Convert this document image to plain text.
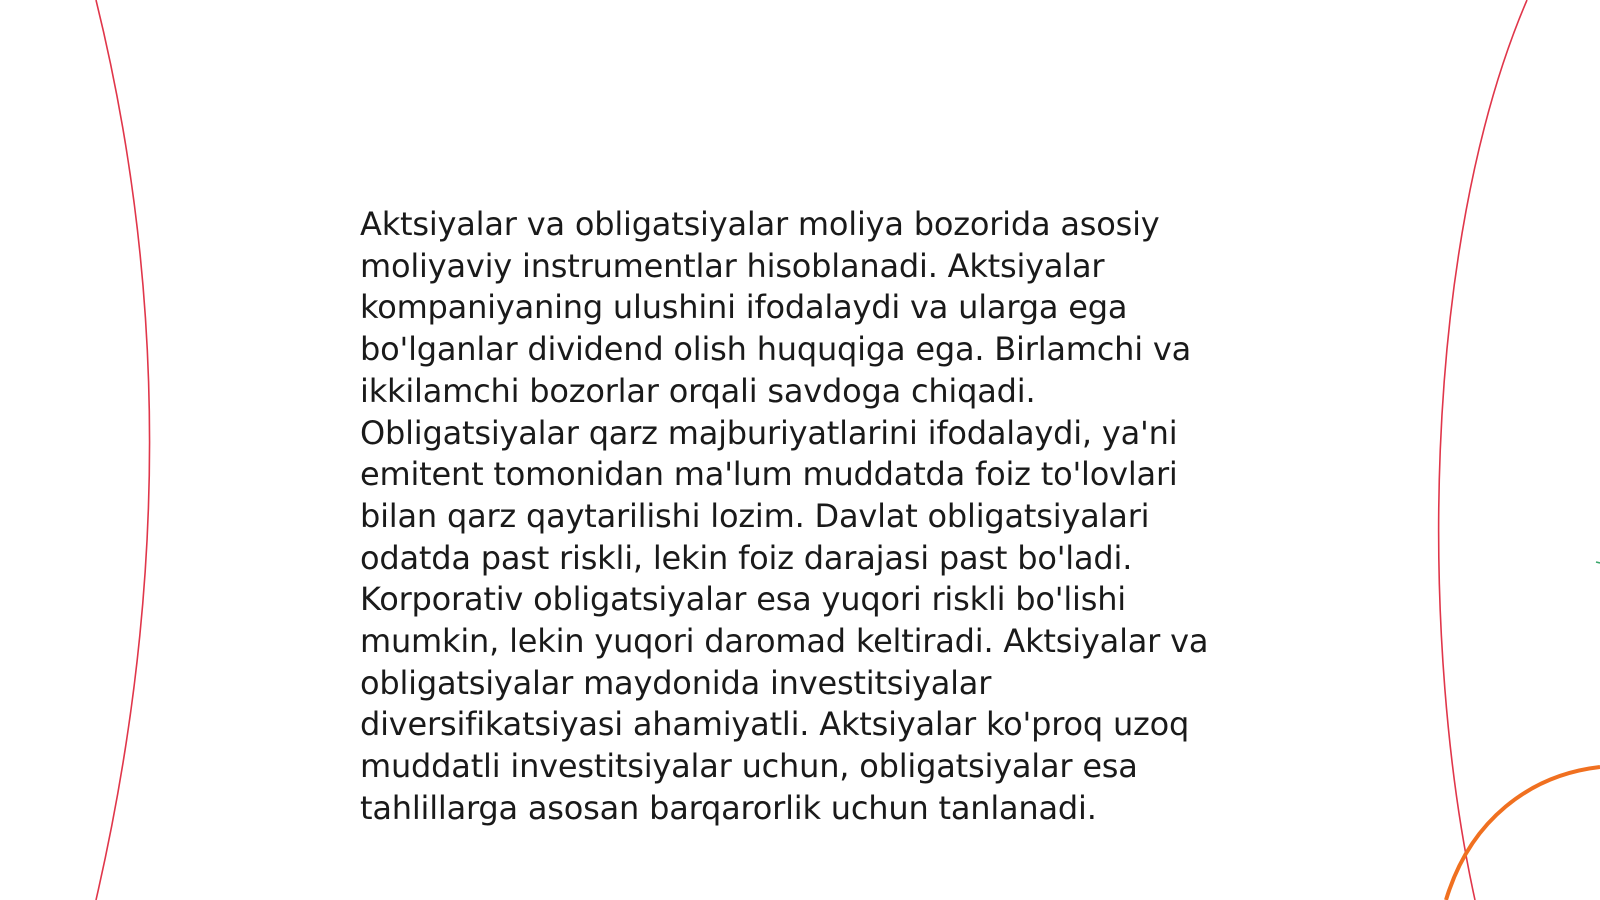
Aktsiyalar va obligatsiyalar moliya bozorida asosiy moliyaviy instrumentlar hisoblanadi. Aktsiyalar kompaniyaning ulushini ifodalaydi va ularga ega bo'lganlar dividend olish huquqiga ega. Birlamchi va ikkilamchi bozorlar orqali savdoga chiqadi. Obligatsiyalar qarz majburiyatlarini ifodalaydi, ya'ni emitent tomonidan ma'lum muddatda foiz to'lovlari bilan qarz qaytarilishi lozim. Davlat obligatsiyalari odatda past riskli, lekin foiz darajasi past bo'ladi. Korporativ obligatsiyalar esa yuqori riskli bo'lishi mumkin, lekin yuqori daromad keltiradi. Aktsiyalar va obligatsiyalar maydonida investitsiyalar diversifikatsiyasi ahamiyatli. Aktsiyalar ko'proq uzoq muddatli investitsiyalar uchun, obligatsiyalar esa tahlillarga asosan barqarorlik uchun tanlanadi.
